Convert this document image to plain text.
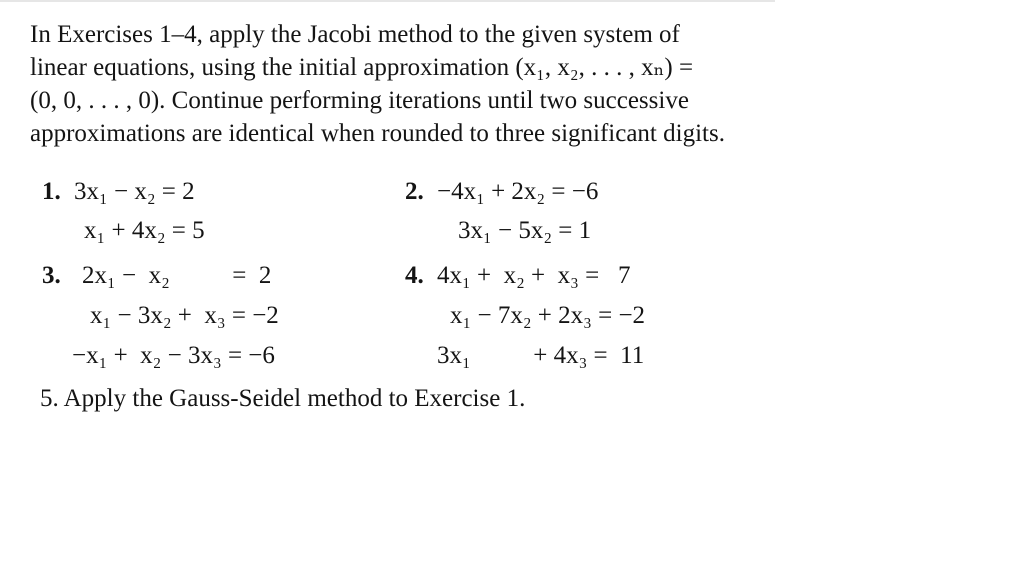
In Exercises 1–4, apply the Jacobi method to the given system of
linear equations, using the initial approximation (x₁, x₂, . . . , xₙ) =
(0, 0, . . . , 0). Continue performing iterations until two successive
approximations are identical when rounded to three significant digits.

1. 3x₁ − x₂ = 2
x₁ + 4x₂ = 5
2. −4x₁ + 2x₂ = −6
3x₁ − 5x₂ = 1
3. 2x₁ −  x₂          =  2
x₁ − 3x₂ +  x₃ = −2
−x₁ +  x₂ − 3x₃ = −6
4. 4x₁ +  x₂ +  x₃ =   7
x₁ − 7x₂ + 2x₃ = −2
3x₁          + 4x₃ =  11
5. Apply the Gauss-Seidel method to Exercise 1.
